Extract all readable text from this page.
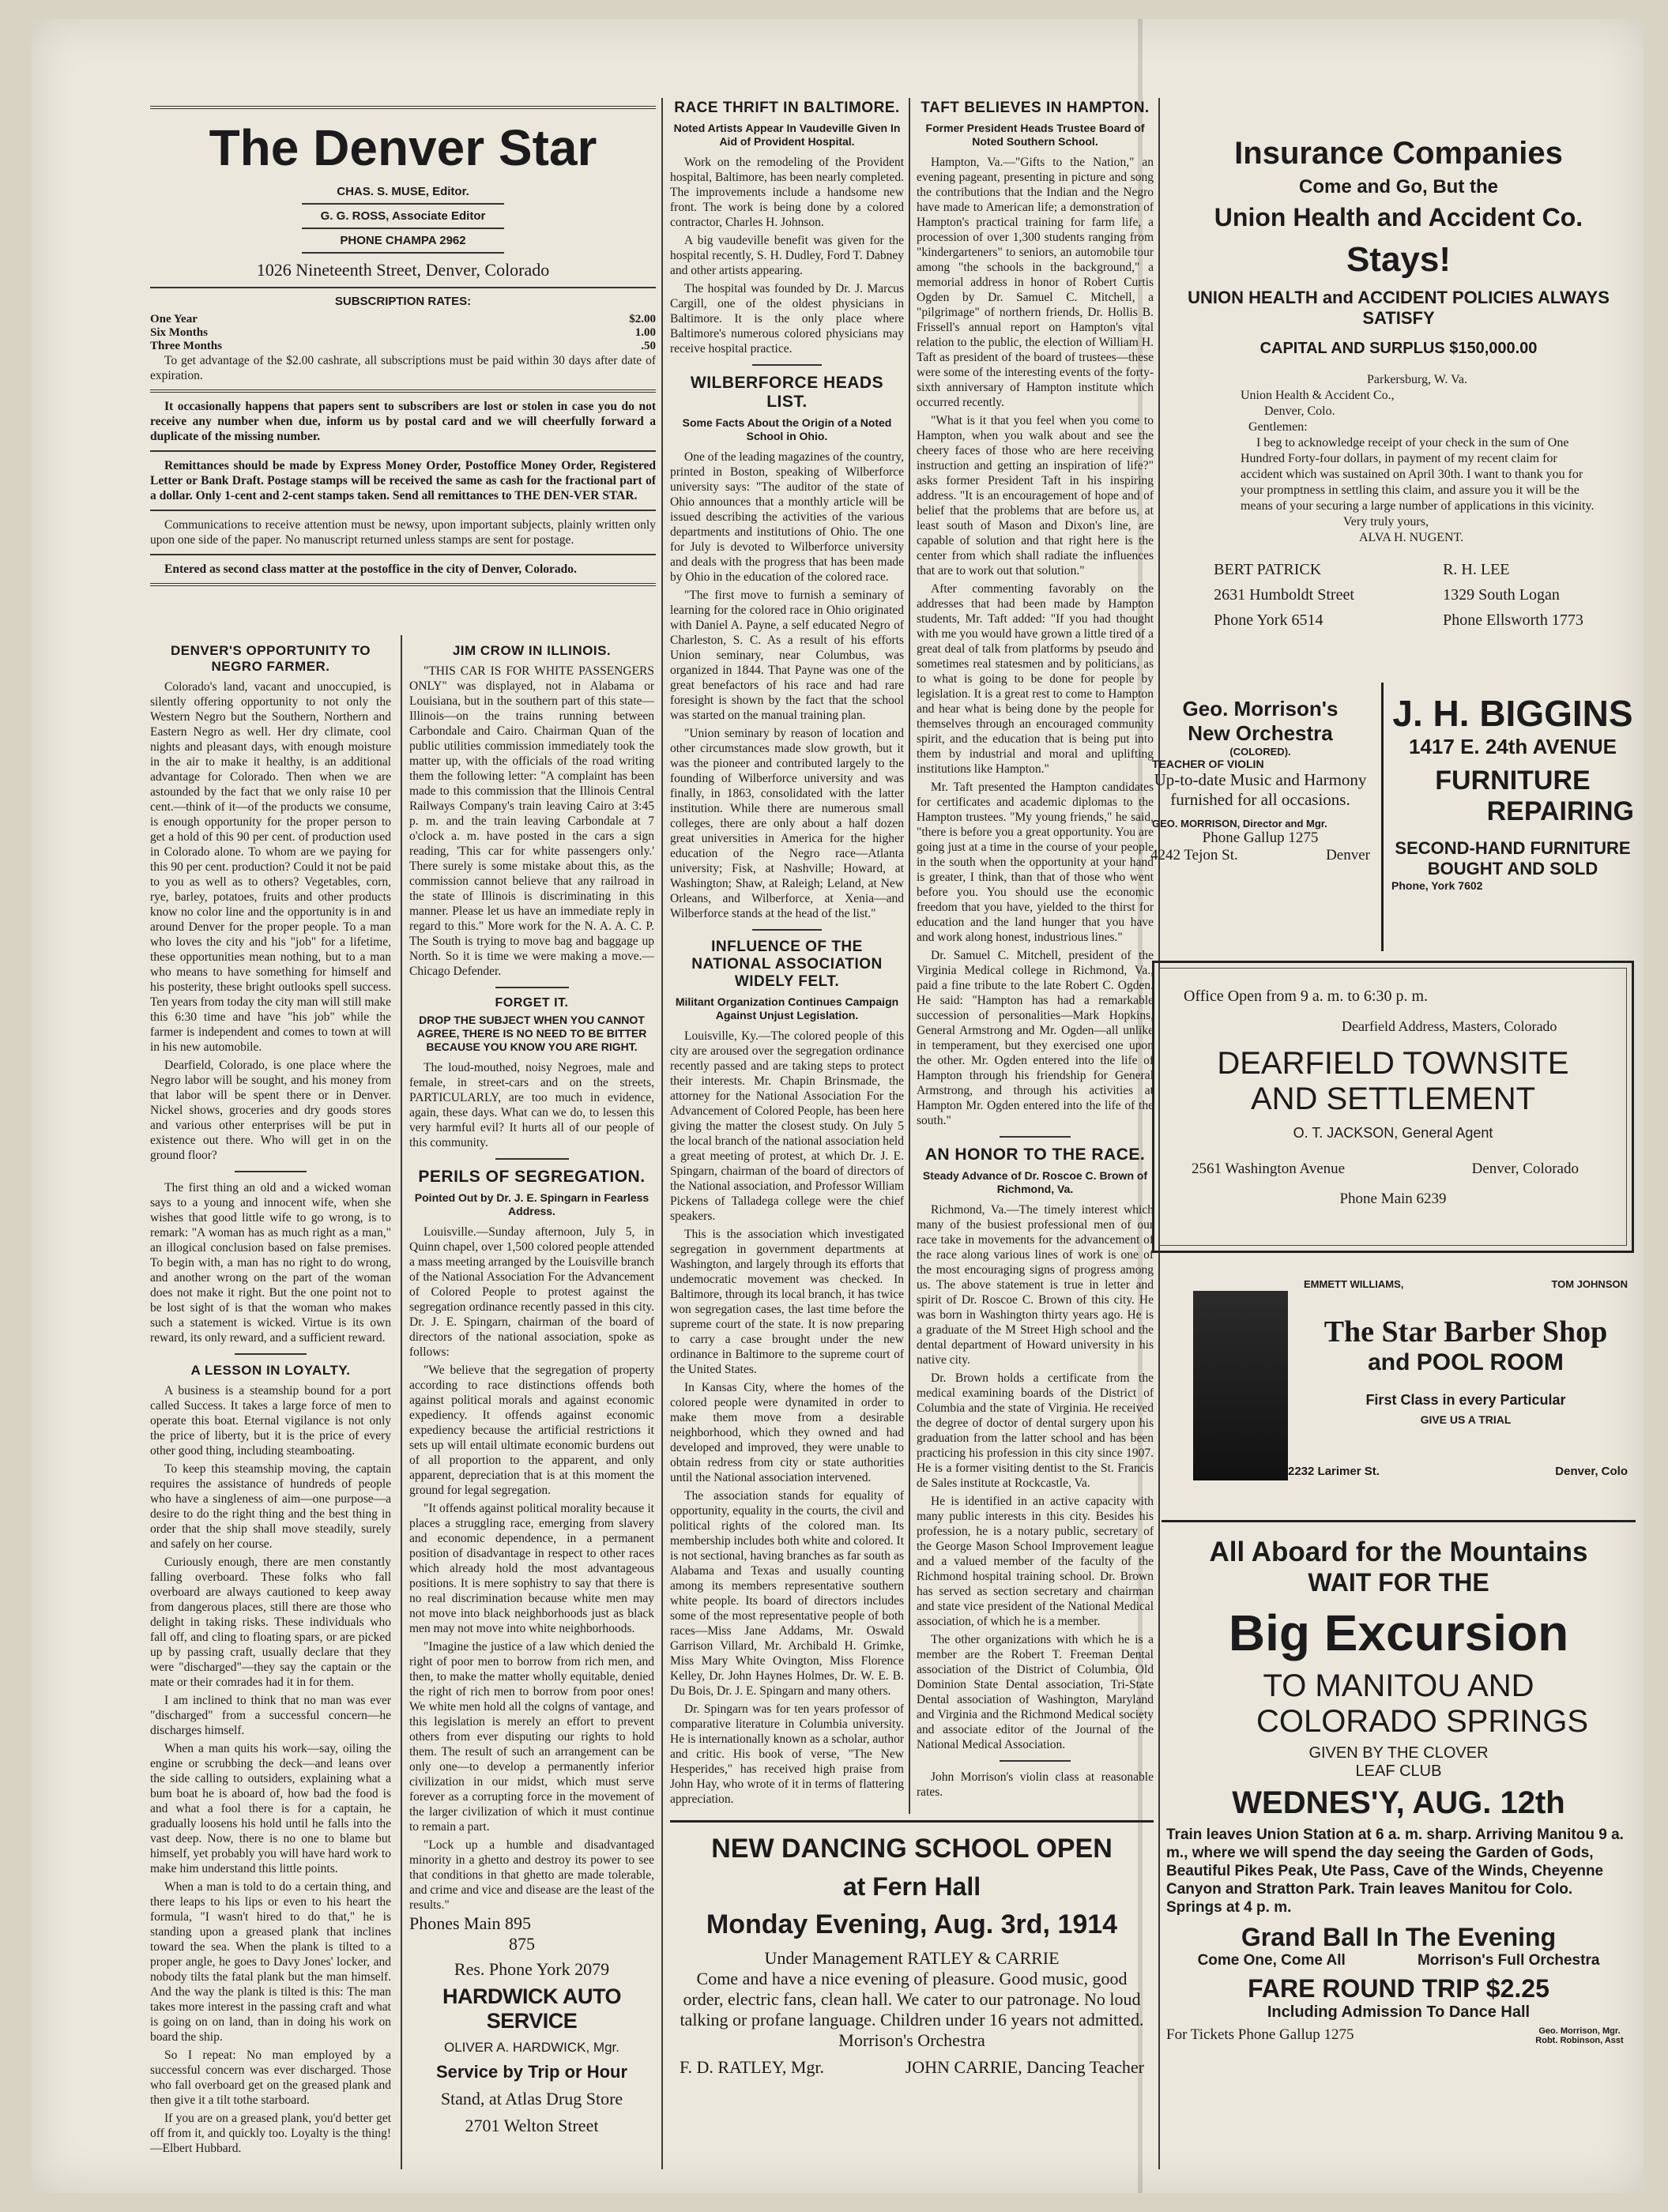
The Denver Star
CHAS. S. MUSE, Editor.
G. G. ROSS, Associate Editor
PHONE CHAMPA 2962
1026 Nineteenth Street, Denver, Colorado
SUBSCRIPTION RATES:
One Year	$2.00
Six Months	1.00
Three Months	.50

To get advantage of the $2.00 cashrate, all subscriptions must be paid within 30 days after date of expiration.

It occasionally happens that papers sent to subscribers are lost or stolen in case you do not receive any number when due, inform us by postal card and we will cheerfully forward a duplicate of the missing number.

Remittances should be made by Express Money Order, Postoffice Money Order, Registered Letter or Bank Draft. Postage stamps will be received the same as cash for the fractional part of a dollar. Only 1-cent and 2-cent stamps taken. Send all remittances to THE DEN-VER STAR.

Communications to receive attention must be newsy, upon important subjects, plainly written only upon one side of the paper. No manuscript returned unless stamps are sent for postage.

Entered as second class matter at the postoffice in the city of Denver, Colorado.

DENVER'S OPPORTUNITY TO NEGRO FARMER.

Colorado's land, vacant and unoccupied, is silently offering opportunity to not only the Western Negro but the Southern, Northern and Eastern Negro as well. Her dry climate, cool nights and pleasant days, with enough moisture in the air to make it healthy, is an additional advantage for Colorado. Then when we are astounded by the fact that we only raise 10 per cent.—think of it—of the products we consume, is enough opportunity for the proper person to get a hold of this 90 per cent. of production used in Colorado alone. To whom are we paying for this 90 per cent. production? Could it not be paid to you as well as to others? Vegetables, corn, rye, barley, potatoes, fruits and other products know no color line and the opportunity is in and around Denver for the proper people. To a man who loves the city and his "job" for a lifetime, these opportunities mean nothing, but to a man who means to have something for himself and his posterity, these bright outlooks spell success. Ten years from today the city man will still make this 6:30 time and have "his job" while the farmer is independent and comes to town at will in his new automobile.

Dearfield, Colorado, is one place where the Negro labor will be sought, and his money from that labor will be spent there or in Denver. Nickel shows, groceries and dry goods stores and various other enterprises will be put in existence out there. Who will get in on the ground floor?

The first thing an old and a wicked woman says to a young and innocent wife, when she wishes that good little wife to go wrong, is to remark: "A woman has as much right as a man," an illogical conclusion based on false premises. To begin with, a man has no right to do wrong, and another wrong on the part of the woman does not make it right. But the one point not to be lost sight of is that the woman who makes such a statement is wicked. Virtue is its own reward, its only reward, and a sufficient reward.

A LESSON IN LOYALTY.

A business is a steamship bound for a port called Success. It takes a large force of men to operate this boat. Eternal vigilance is not only the price of liberty, but it is the price of every other good thing, including steamboating.

To keep this steamship moving, the captain requires the assistance of hundreds of people who have a singleness of aim—one purpose—a desire to do the right thing and the best thing in order that the ship shall move steadily, surely and safely on her course.

Curiously enough, there are men constantly falling overboard. These folks who fall overboard are always cautioned to keep away from dangerous places, still there are those who delight in taking risks. These individuals who fall off, and cling to floating spars, or are picked up by passing craft, usually declare that they were "discharged"—they say the captain or the mate or their comrades had it in for them.

I am inclined to think that no man was ever "discharged" from a successful concern—he discharges himself.

When a man quits his work—say, oiling the engine or scrubbing the deck—and leans over the side calling to outsiders, explaining what a bum boat he is aboard of, how bad the food is and what a fool there is for a captain, he gradually loosens his hold until he falls into the vast deep. Now, there is no one to blame but himself, yet probably you will have hard work to make him understand this little points.

When a man is told to do a certain thing, and there leaps to his lips or even to his heart the formula, "I wasn't hired to do that," he is standing upon a greased plank that inclines toward the sea. When the plank is tilted to a proper angle, he goes to Davy Jones' locker, and nobody tilts the fatal plank but the man himself. And the way the plank is tilted is this: The man takes more interest in the passing craft and what is going on on land, than in doing his work on board the ship.

So I repeat: No man employed by a successful concern was ever discharged. Those who fall overboard get on the greased plank and then give it a tilt tothe starboard.

If you are on a greased plank, you'd better get off from it, and quickly too. Loyalty is the thing!—Elbert Hubbard.

JIM CROW IN ILLINOIS.

"THIS CAR IS FOR WHITE PASSENGERS ONLY" was displayed, not in Alabama or Louisiana, but in the southern part of this state—Illinois—on the trains running between Carbondale and Cairo. Chairman Quan of the public utilities commission immediately took the matter up, with the officials of the road writing them the following letter: "A complaint has been made to this commission that the Illinois Central Railways Company's train leaving Cairo at 3:45 p. m. and the train leaving Carbondale at 7 o'clock a. m. have posted in the cars a sign reading, 'This car for white passengers only.' There surely is some mistake about this, as the commission cannot believe that any railroad in the state of Illinois is discriminating in this manner. Please let us have an immediate reply in regard to this." More work for the N. A. A. C. P. The South is trying to move bag and baggage up North. So it is time we were making a move.—Chicago Defender.

FORGET IT.
DROP THE SUBJECT WHEN YOU CANNOT AGREE, THERE IS NO NEED TO BE BITTER BECAUSE YOU KNOW YOU ARE RIGHT.

The loud-mouthed, noisy Negroes, male and female, in street-cars and on the streets, PARTICULARLY, are too much in evidence, again, these days. What can we do, to lessen this very harmful evil? It hurts all of our people of this community.

PERILS OF SEGREGATION.
Pointed Out by Dr. J. E. Spingarn in Fearless Address.

Louisville.—Sunday afternoon, July 5, in Quinn chapel, over 1,500 colored people attended a mass meeting arranged by the Louisville branch of the National Association For the Advancement of Colored People to protest against the segregation ordinance recently passed in this city. Dr. J. E. Spingarn, chairman of the board of directors of the national association, spoke as follows:

"We believe that the segregation of property according to race distinctions offends both against political morals and against economic expediency. It offends against economic expediency because the artificial restrictions it sets up will entail ultimate economic burdens out of all proportion to the apparent, and only apparent, depreciation that is at this moment the ground for legal segregation.

"It offends against political morality because it places a struggling race, emerging from slavery and economic dependence, in a permanent position of disadvantage in respect to other races which already hold the most advantageous positions. It is mere sophistry to say that there is no real discrimination because white men may not move into black neighborhoods just as black men may not move into white neighborhoods.

"Imagine the justice of a law which denied the right of poor men to borrow from rich men, and then, to make the matter wholly equitable, denied the right of rich men to borrow from poor ones! We white men hold all the colgns of vantage, and this legislation is merely an effort to prevent others from ever disputing our rights to hold them. The result of such an arrangement can be only one—to develop a permanently inferior civilization in our midst, which must serve forever as a corrupting force in the movement of the larger civilization of which it must continue to remain a part.

"Lock up a humble and disadvantaged minority in a ghetto and destroy its power to see that conditions in that ghetto are made tolerable, and crime and vice and disease are the least of the results."

Phones Main 895
875
Res. Phone York 2079
HARDWICK AUTO SERVICE
OLIVER A. HARDWICK, Mgr.
Service by Trip or Hour
Stand, at Atlas Drug Store
2701 Welton Street
RACE THRIFT IN BALTIMORE.
Noted Artists Appear In Vaudeville Given In Aid of Provident Hospital.

Work on the remodeling of the Provident hospital, Baltimore, has been nearly completed. The improvements include a handsome new front. The work is being done by a colored contractor, Charles H. Johnson.

A big vaudeville benefit was given for the hospital recently, S. H. Dudley, Ford T. Dabney and other artists appearing.

The hospital was founded by Dr. J. Marcus Cargill, one of the oldest physicians in Baltimore. It is the only place where Baltimore's numerous colored physicians may receive hospital practice.

WILBERFORCE HEADS LIST.
Some Facts About the Origin of a Noted School in Ohio.

One of the leading magazines of the country, printed in Boston, speaking of Wilberforce university says: "The auditor of the state of Ohio announces that a monthly article will be issued describing the activities of the various departments and institutions of Ohio. The one for July is devoted to Wilberforce university and deals with the progress that has been made by Ohio in the education of the colored race.

"The first move to furnish a seminary of learning for the colored race in Ohio originated with Daniel A. Payne, a self educated Negro of Charleston, S. C. As a result of his efforts Union seminary, near Columbus, was organized in 1844. That Payne was one of the great benefactors of his race and had rare foresight is shown by the fact that the school was started on the manual training plan.

"Union seminary by reason of location and other circumstances made slow growth, but it was the pioneer and contributed largely to the founding of Wilberforce university and was finally, in 1863, consolidated with the latter institution. While there are numerous small colleges, there are only about a half dozen great universities in America for the higher education of the Negro race—Atlanta university; Fisk, at Nashville; Howard, at Washington; Shaw, at Raleigh; Leland, at New Orleans, and Wilberforce, at Xenia—and Wilberforce stands at the head of the list."

INFLUENCE OF THE NATIONAL ASSOCIATION WIDELY FELT.
Militant Organization Continues Campaign Against Unjust Legislation.

Louisville, Ky.—The colored people of this city are aroused over the segregation ordinance recently passed and are taking steps to protect their interests. Mr. Chapin Brinsmade, the attorney for the National Association For the Advancement of Colored People, has been here giving the matter the closest study. On July 5 the local branch of the national association held a great meeting of protest, at which Dr. J. E. Spingarn, chairman of the board of directors of the National association, and Professor William Pickens of Talladega college were the chief speakers.

This is the association which investigated segregation in government departments at Washington, and largely through its efforts that undemocratic movement was checked. In Baltimore, through its local branch, it has twice won segregation cases, the last time before the supreme court of the state. It is now preparing to carry a case brought under the new ordinance in Baltimore to the supreme court of the United States.

In Kansas City, where the homes of the colored people were dynamited in order to make them move from a desirable neighborhood, which they owned and had developed and improved, they were unable to obtain redress from city or state authorities until the National association intervened.

The association stands for equality of opportunity, equality in the courts, the civil and political rights of the colored man. Its membership includes both white and colored. It is not sectional, having branches as far south as Alabama and Texas and usually counting among its members representative southern white people. Its board of directors includes some of the most representative people of both races—Miss Jane Addams, Mr. Oswald Garrison Villard, Mr. Archibald H. Grimke, Miss Mary White Ovington, Miss Florence Kelley, Dr. John Haynes Holmes, Dr. W. E. B. Du Bois, Dr. J. E. Spingarn and many others.

Dr. Spingarn was for ten years professor of comparative literature in Columbia university. He is internationally known as a scholar, author and critic. His book of verse, "The New Hesperides," has received high praise from John Hay, who wrote of it in terms of flattering appreciation.

TAFT BELIEVES IN HAMPTON.
Former President Heads Trustee Board of Noted Southern School.

Hampton, Va.—"Gifts to the Nation," an evening pageant, presenting in picture and song the contributions that the Indian and the Negro have made to American life; a demonstration of Hampton's practical training for farm life, a procession of over 1,300 students ranging from "kindergarteners" to seniors, an automobile tour among "the schools in the background," a memorial address in honor of Robert Curtis Ogden by Dr. Samuel C. Mitchell, a "pilgrimage" of northern friends, Dr. Hollis B. Frissell's annual report on Hampton's vital relation to the public, the election of William H. Taft as president of the board of trustees—these were some of the interesting events of the forty-sixth anniversary of Hampton institute which occurred recently.

"What is it that you feel when you come to Hampton, when you walk about and see the cheery faces of those who are here receiving instruction and getting an inspiration of life?" asks former President Taft in his inspiring address. "It is an encouragement of hope and of belief that the problems that are before us, at least south of Mason and Dixon's line, are capable of solution and that right here is the center from which shall radiate the influences that are to work out that solution."

After commenting favorably on the addresses that had been made by Hampton students, Mr. Taft added: "If you had thought with me you would have grown a little tired of a great deal of talk from platforms by pseudo and sometimes real statesmen and by politicians, as to what is going to be done for people by legislation. It is a great rest to come to Hampton and hear what is being done by the people for themselves through an encouraged community spirit, and the education that is being put into them by industrial and moral and uplifting institutions like Hampton."

Mr. Taft presented the Hampton candidates for certificates and academic diplomas to the Hampton trustees. "My young friends," he said, "there is before you a great opportunity. You are going just at a time in the course of your people in the south when the opportunity at your hand is greater, I think, than that of those who went before you. You should use the economic freedom that you have, yielded to the thirst for education and the land hunger that you have and work along honest, industrious lines."

Dr. Samuel C. Mitchell, president of the Virginia Medical college in Richmond, Va., paid a fine tribute to the late Robert C. Ogden. He said: "Hampton has had a remarkable succession of personalities—Mark Hopkins, General Armstrong and Mr. Ogden—all unlike in temperament, but they exercised one upon the other. Mr. Ogden entered into the life of Hampton through his friendship for General Armstrong, and through his activities at Hampton Mr. Ogden entered into the life of the south."

AN HONOR TO THE RACE.
Steady Advance of Dr. Roscoe C. Brown of Richmond, Va.

Richmond, Va.—The timely interest which many of the busiest professional men of our race take in movements for the advancement of the race along various lines of work is one of the most encouraging signs of progress among us. The above statement is true in letter and spirit of Dr. Roscoe C. Brown of this city. He was born in Washington thirty years ago. He is a graduate of the M Street High school and the dental department of Howard university in his native city.

Dr. Brown holds a certificate from the medical examining boards of the District of Columbia and the state of Virginia. He received the degree of doctor of dental surgery upon his graduation from the latter school and has been practicing his profession in this city since 1907. He is a former visiting dentist to the St. Francis de Sales institute at Rockcastle, Va.

He is identified in an active capacity with many public interests in this city. Besides his profession, he is a notary public, secretary of the George Mason School Improvement league and a valued member of the faculty of the Richmond hospital training school. Dr. Brown has served as section secretary and chairman and state vice president of the National Medical association, of which he is a member.

The other organizations with which he is a member are the Robert T. Freeman Dental association of the District of Columbia, Old Dominion State Dental association, Tri-State Dental association of Washington, Maryland and Virginia and the Richmond Medical society and associate editor of the Journal of the National Medical Association.

John Morrison's violin class at reasonable rates.

NEW DANCING SCHOOL OPEN
at Fern Hall
Monday Evening, Aug. 3rd, 1914
Under Management RATLEY & CARRIE
Come and have a nice evening of pleasure. Good music, good order, electric fans, clean hall. We cater to our patronage. No loud talking or profane language. Children under 16 years not admitted. Morrison's Orchestra
F. D. RATLEY, Mgr.	JOHN CARRIE, Dancing Teacher
Insurance Companies
Come and Go, But the
Union Health and Accident Co.
Stays!
UNION HEALTH and ACCIDENT POLICIES ALWAYS SATISFY
CAPITAL AND SURPLUS $150,000.00
Parkersburg, W. Va.
Union Health & Accident Co.,
Denver, Colo.
Gentlemen:
I beg to acknowledge receipt of your check in the sum of One Hundred Forty-four dollars, in payment of my recent claim for accident which was sustained on April 30th. I want to thank you for your promptness in settling this claim, and assure you it will be the means of your securing a large number of applications in this vicinity.
Very truly yours,
ALVA H. NUGENT.
BERT PATRICK
2631 Humboldt Street
Phone York 6514
R. H. LEE
1329 South Logan
Phone Ellsworth 1773
Geo. Morrison's
New Orchestra
(COLORED).
TEACHER OF VIOLIN
Up-to-date Music and Harmony furnished for all occasions.
GEO. MORRISON, Director and Mgr.
Phone Gallup 1275
4242 Tejon St.	Denver
J. H. BIGGINS
1417 E. 24th AVENUE
FURNITURE
REPAIRING
SECOND-HAND FURNITURE
BOUGHT AND SOLD
Phone, York 7602
Office Open from 9 a. m. to 6:30 p. m.
Dearfield Address, Masters, Colorado
DEARFIELD TOWNSITE
AND SETTLEMENT
O. T. JACKSON, General Agent
2561 Washington Avenue	Denver, Colorado
Phone Main 6239
EMMETT WILLIAMS,	TOM JOHNSON
The Star Barber Shop
and POOL ROOM
First Class in every Particular
GIVE US A TRIAL
2232 Larimer St.	Denver, Colo
All Aboard for the Mountains
WAIT FOR THE
Big Excursion
TO MANITOU AND
COLORADO SPRINGS
GIVEN BY THE CLOVER
LEAF CLUB
WEDNES'Y, AUG. 12th
Train leaves Union Station at 6 a. m. sharp. Arriving Manitou 9 a. m., where we will spend the day seeing the Garden of Gods, Beautiful Pikes Peak, Ute Pass, Cave of the Winds, Cheyenne Canyon and Stratton Park. Train leaves Manitou for Colo. Springs at 4 p. m.
Grand Ball In The Evening
Come One, Come All	Morrison's Full Orchestra
FARE ROUND TRIP $2.25
Including Admission To Dance Hall
For Tickets Phone Gallup 1275	Geo. Morrison, Mgr. Robt. Robinson, Asst
